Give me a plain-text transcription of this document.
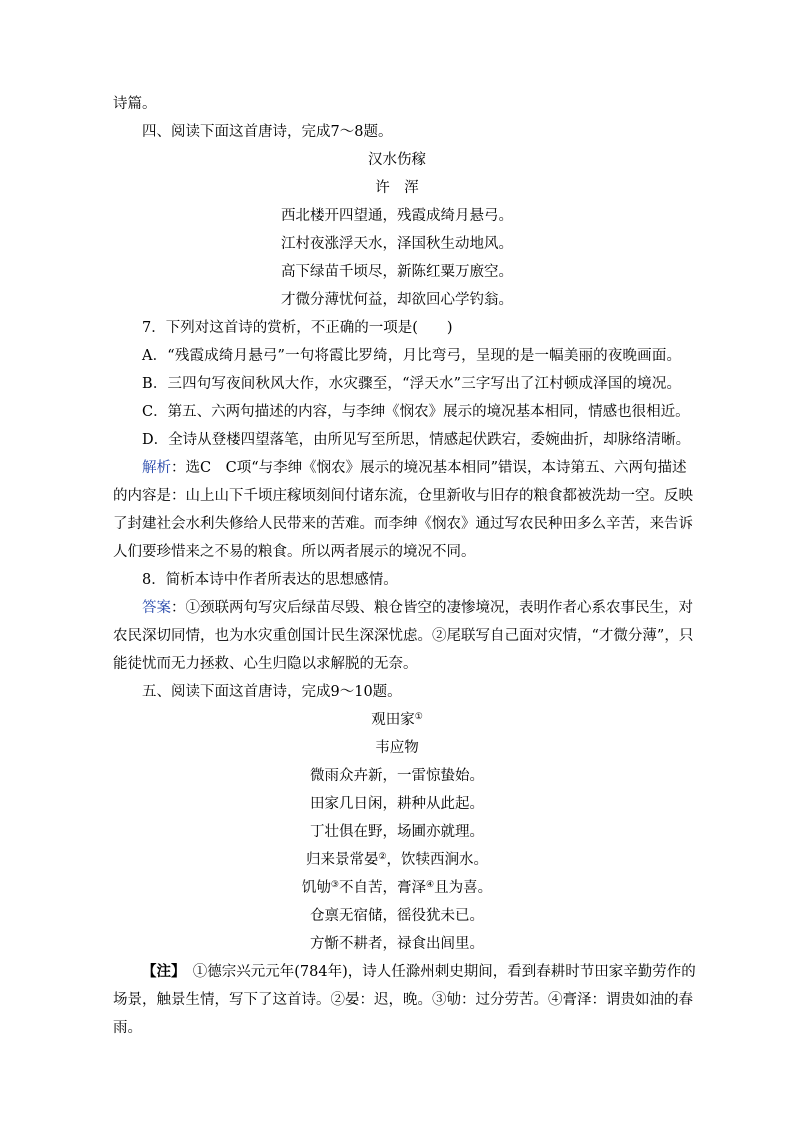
诗篇。
四、阅读下面这首唐诗，完成7～8题。
汉水伤稼
许　浑
西北楼开四望通，残霞成绮月悬弓。
江村夜涨浮天水，泽国秋生动地风。
高下绿苗千顷尽，新陈红粟万廒空。
才微分薄忧何益，却欲回心学钓翁。
7．下列对这首诗的赏析，不正确的一项是(　　)
A．“残霞成绮月悬弓”一句将霞比罗绮，月比弯弓，呈现的是一幅美丽的夜晚画面。
B．三四句写夜间秋风大作，水灾骤至，“浮天水”三字写出了江村顿成泽国的境况。
C．第五、六两句描述的内容，与李绅《悯农》展示的境况基本相同，情感也很相近。
D．全诗从登楼四望落笔，由所见写至所思，情感起伏跌宕，委婉曲折，却脉络清晰。
解析：选C　C项“与李绅《悯农》展示的境况基本相同”错误，本诗第五、六两句描述
的内容是：山上山下千顷庄稼顷刻间付诸东流，仓里新收与旧存的粮食都被洗劫一空。反映
了封建社会水利失修给人民带来的苦难。而李绅《悯农》通过写农民种田多么辛苦，来告诉
人们要珍惜来之不易的粮食。所以两者展示的境况不同。
8．简析本诗中作者所表达的思想感情。
答案：①颈联两句写灾后绿苗尽毁、粮仓皆空的凄惨境况，表明作者心系农事民生，对
农民深切同情，也为水灾重创国计民生深深忧虑。②尾联写自己面对灾情，“才微分薄”，只
能徒忧而无力拯救、心生归隐以求解脱的无奈。
五、阅读下面这首唐诗，完成9～10题。
观田家①
韦应物
微雨众卉新，一雷惊蛰始。
田家几日闲，耕种从此起。
丁壮俱在野，场圃亦就理。
归来景常晏②，饮犊西涧水。
饥劬③不自苦，膏泽④且为喜。
仓禀无宿储，徭役犹未已。
方惭不耕者，禄食出闾里。
【注】　 ①德宗兴元元年(784年)，诗人任滁州刺史期间，看到春耕时节田家辛勤劳作的
场景，触景生情，写下了这首诗。②晏：迟，晚。③劬：过分劳苦。④膏泽：谓贵如油的春
雨。
